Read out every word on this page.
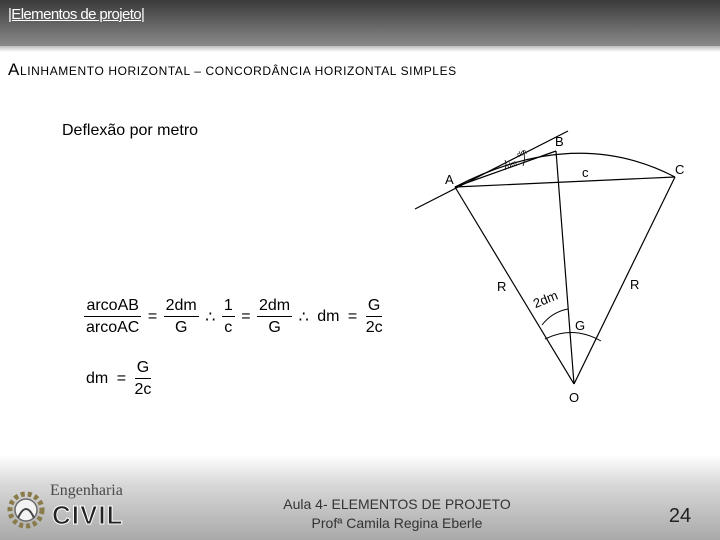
|Elementos de projeto|
ALINHAMENTO HORIZONTAL – CONCORDÂNCIA HORIZONTAL SIMPLES
Deflexão por metro
$\frac{\text{arcoAB}}{\text{arcoAC}} = \frac{2dm}{G}$ ∴ $\frac{1}{c} = \frac{2dm}{G}$ ∴ dm = $\frac{G}{2c}$
dm = $\frac{G}{2c}$
A
B
C
O
c
R	R
2dm
G
dm
dm
Engenharia
CIVIL	Aula 4- ELEMENTOS DE PROJETO
Profª Camila Regina Eberle	24
